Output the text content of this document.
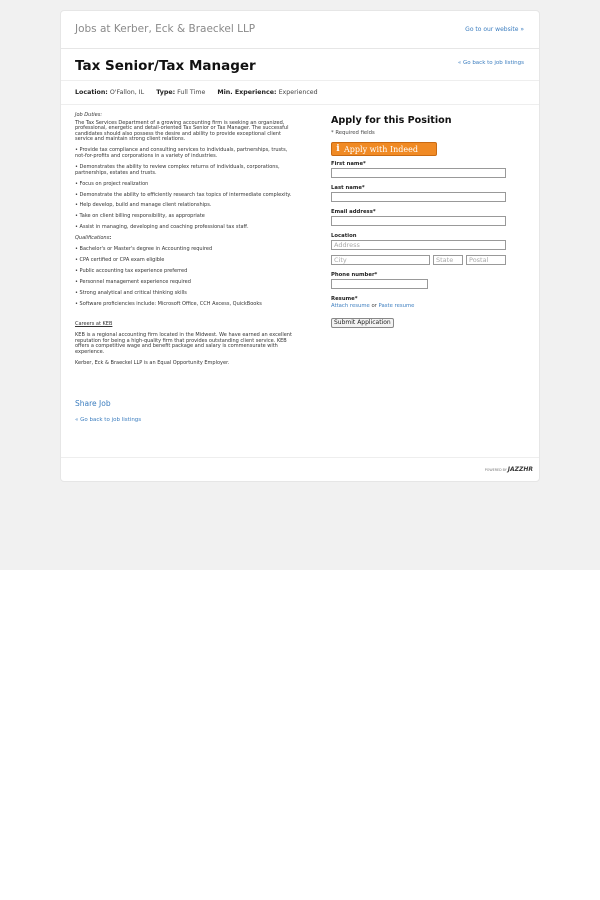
Jobs at Kerber, Eck & Braeckel LLP	Go to our website »
Tax Senior/Tax Manager	« Go back to job listings
Location: O'Fallon, IL Type: Full Time Min. Experience: Experienced

Job Duties:

The Tax Services Department of a growing accounting firm is seeking an organized, professional, energetic and detail-oriented Tax Senior or Tax Manager. The successful candidates should also possess the desire and ability to provide exceptional client service and maintain strong client relations.

• Provide tax compliance and consulting services to individuals, partnerships, trusts, not-for-profits and corporations in a variety of industries.

• Demonstrates the ability to review complex returns of individuals, corporations, partnerships, estates and trusts.

• Focus on project realization

• Demonstrate the ability to efficiently research tax topics of intermediate complexity.

• Help develop, build and manage client relationships.

• Take on client billing responsibility, as appropriate

• Assist in managing, developing and coaching professional tax staff.

Qualifications:

• Bachelor's or Master's degree in Accounting required

• CPA certified or CPA exam eligible

• Public accounting tax experience preferred

• Personnel management experience required

• Strong analytical and critical thinking skills

• Software proficiencies include: Microsoft Office, CCH Axcess, QuickBooks

Careers at KEB

KEB is a regional accounting firm located in the Midwest. We have earned an excellent reputation for being a high-quality firm that provides outstanding client service. KEB offers a competitive wage and benefit package and salary is commensurate with experience.

Kerber, Eck & Braeckel LLP is an Equal Opportunity Employer.

Share Job
« Go back to job listings
Apply for this Position
* Required fields
i Apply with Indeed
First name*
Last name*
Email address*
Location
Address
City	State	Postal
Phone number*
Resume*
Attach resume or Paste resume
Submit Application
POWERED BY JAZZHR
